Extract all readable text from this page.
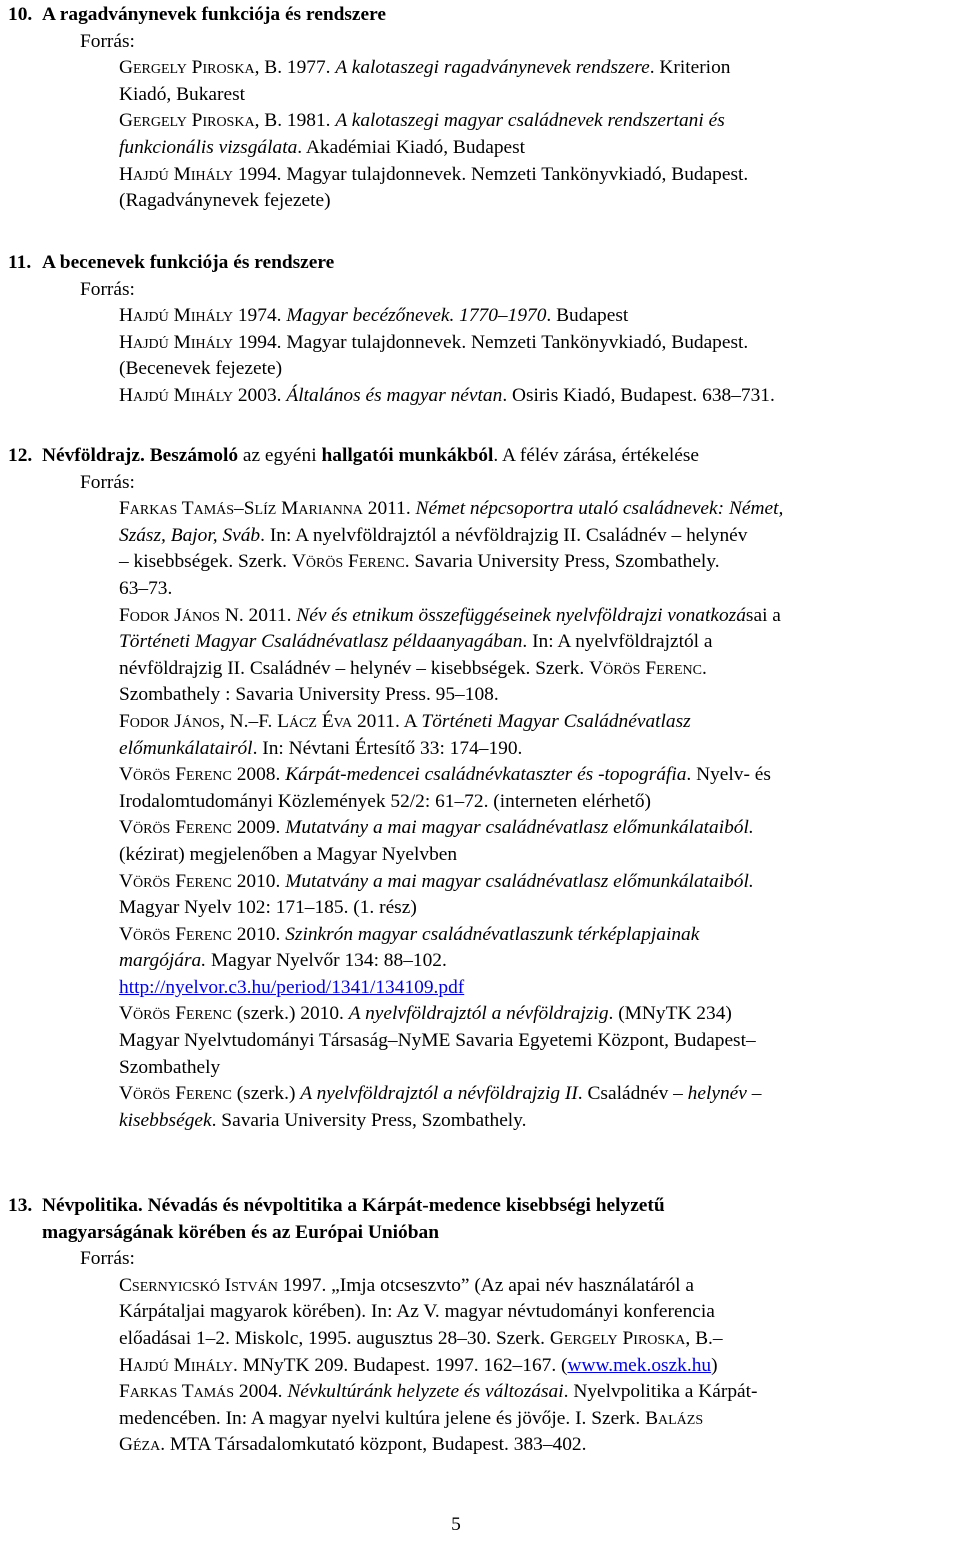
10. A ragadványnevek funkciója és rendszere
Forrás:
Gergely Piroska, B. 1977. A kalotaszegi ragadványnevek rendszere. Kriterion
Kiadó, Bukarest
Gergely Piroska, B. 1981. A kalotaszegi magyar családnevek rendszertani és
funkcionális vizsgálata. Akadémiai Kiadó, Budapest
Hajdú Mihály 1994. Magyar tulajdonnevek. Nemzeti Tankönyvkiadó, Budapest.
(Ragadványnevek fejezete)
11. A becenevek funkciója és rendszere
Forrás:
Hajdú Mihály 1974. Magyar becézőnevek. 1770–1970. Budapest
Hajdú Mihály 1994. Magyar tulajdonnevek. Nemzeti Tankönyvkiadó, Budapest.
(Becenevek fejezete)
Hajdú Mihály 2003. Általános és magyar névtan. Osiris Kiadó, Budapest. 638–731.
12. Névföldrajz. Beszámoló az egyéni hallgatói munkákból. A félév zárása, értékelése
Forrás:
Farkas Tamás–Slíz Marianna 2011. Német népcsoportra utaló családnevek: Német,
Szász, Bajor, Sváb. In: A nyelvföldrajztól a névföldrajzig II. Családnév – helynév
– kisebbségek. Szerk. Vörös Ferenc. Savaria University Press, Szombathely.
63–73.
Fodor János N. 2011. Név és etnikum összefüggéseinek nyelvföldrajzi vonatkozásai a
Történeti Magyar Családnévatlasz példaanyagában. In: A nyelvföldrajztól a
névföldrajzig II. Családnév – helynév – kisebbségek. Szerk. Vörös Ferenc.
Szombathely : Savaria University Press. 95–108.
Fodor János, N.–F. Lácz Éva 2011. A Történeti Magyar Családnévatlasz
előmunkálatairól. In: Névtani Értesítő 33: 174–190.
Vörös Ferenc 2008. Kárpát-medencei családnévkataszter és -topográfia. Nyelv- és
Irodalomtudományi Közlemények 52/2: 61–72. (interneten elérhető)
Vörös Ferenc 2009. Mutatvány a mai magyar családnévatlasz előmunkálataiból.
(kézirat) megjelenőben a Magyar Nyelvben
Vörös Ferenc 2010. Mutatvány a mai magyar családnévatlasz előmunkálataiból.
Magyar Nyelv 102: 171–185. (1. rész)
Vörös Ferenc 2010. Szinkrón magyar családnévatlaszunk térképlapjainak
margójára. Magyar Nyelvőr 134: 88–102.
http://nyelvor.c3.hu/period/1341/134109.pdf
Vörös Ferenc (szerk.) 2010. A nyelvföldrajztól a névföldrajzig. (MNyTK 234)
Magyar Nyelvtudományi Társaság–NyME Savaria Egyetemi Központ, Budapest–
Szombathely
Vörös Ferenc (szerk.) A nyelvföldrajztól a névföldrajzig II. Családnév – helynév –
kisebbségek. Savaria University Press, Szombathely.
13. Névpolitika. Névadás és névpoltitika a Kárpát-medence kisebbségi helyzetű
magyarságának körében és az Európai Unióban
Forrás:
Csernyicskó István 1997. „Imja otcseszvto” (Az apai név használatáról a
Kárpátaljai magyarok körében). In: Az V. magyar névtudományi konferencia
előadásai 1–2. Miskolc, 1995. augusztus 28–30. Szerk. Gergely Piroska, B.–
Hajdú Mihály. MNyTK 209. Budapest. 1997. 162–167. (www.mek.oszk.hu)
Farkas Tamás 2004. Névkultúránk helyzete és változásai. Nyelvpolitika a Kárpát-
medencében. In: A magyar nyelvi kultúra jelene és jövője. I. Szerk. Balázs
Géza. MTA Társadalomkutató központ, Budapest. 383–402.
5
